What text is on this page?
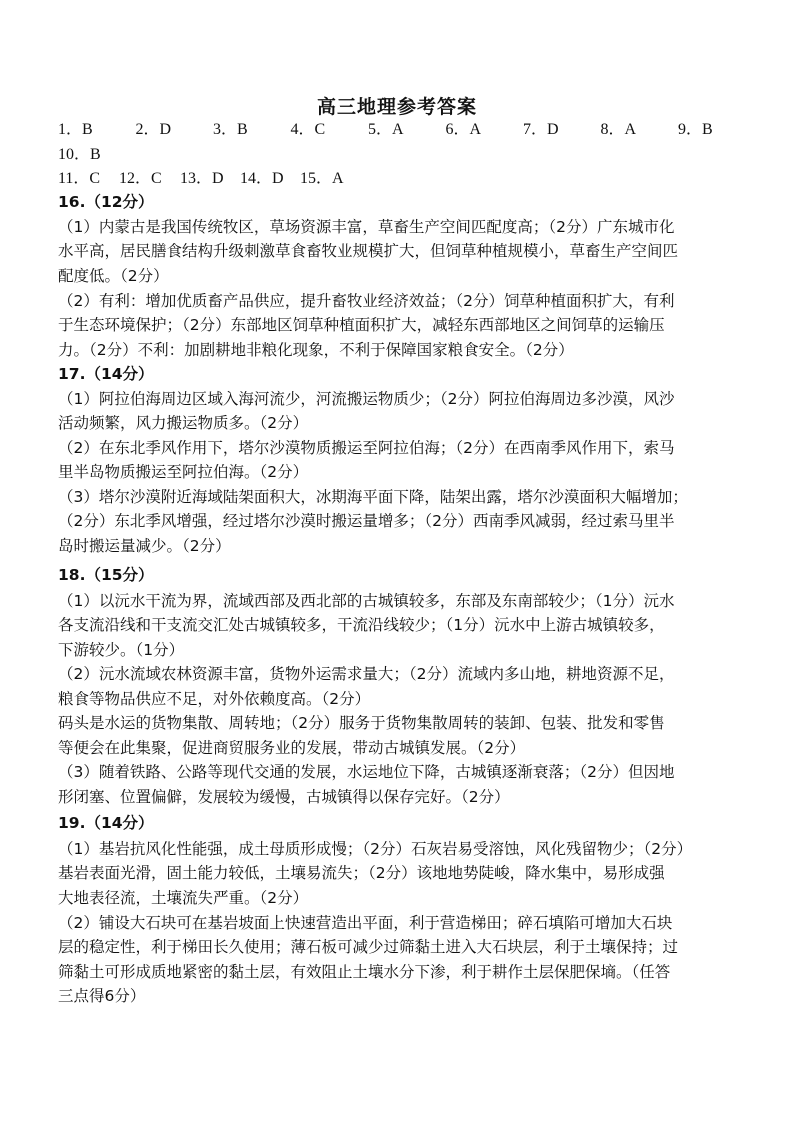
高三地理参考答案
1．B	2．D	3．B	4．C	5．A	6．A	7．D	8．A	9．B
10．B
11．C 12．C 13．D 14．D 15．A
16.（12分）
（1）内蒙古是我国传统牧区，草场资源丰富，草畜生产空间匹配度高；（2分）广东城市化
水平高，居民膳食结构升级刺激草食畜牧业规模扩大，但饲草种植规模小，草畜生产空间匹
配度低。（2分）
（2）有利：增加优质畜产品供应，提升畜牧业经济效益；（2分）饲草种植面积扩大，有利
于生态环境保护；（2分）东部地区饲草种植面积扩大，减轻东西部地区之间饲草的运输压
力。（2分）不利：加剧耕地非粮化现象，不利于保障国家粮食安全。（2分）
17.（14分）
（1）阿拉伯海周边区域入海河流少，河流搬运物质少；（2分）阿拉伯海周边多沙漠，风沙
活动频繁，风力搬运物质多。（2分）
（2）在东北季风作用下，塔尔沙漠物质搬运至阿拉伯海；（2分）在西南季风作用下，索马
里半岛物质搬运至阿拉伯海。（2分）
（3）塔尔沙漠附近海域陆架面积大，冰期海平面下降，陆架出露，塔尔沙漠面积大幅增加；
（2分）东北季风增强，经过塔尔沙漠时搬运量增多；（2分）西南季风减弱，经过索马里半
岛时搬运量减少。（2分）
18.（15分）
（1）以沅水干流为界，流域西部及西北部的古城镇较多，东部及东南部较少；（1分）沅水
各支流沿线和干支流交汇处古城镇较多，干流沿线较少；（1分）沅水中上游古城镇较多，
下游较少。（1分）
（2）沅水流域农林资源丰富，货物外运需求量大；（2分）流域内多山地，耕地资源不足，
粮食等物品供应不足，对外依赖度高。（2分）
码头是水运的货物集散、周转地；（2分）服务于货物集散周转的装卸、包装、批发和零售
等便会在此集聚，促进商贸服务业的发展，带动古城镇发展。（2分）
（3）随着铁路、公路等现代交通的发展，水运地位下降，古城镇逐渐衰落；（2分）但因地
形闭塞、位置偏僻，发展较为缓慢，古城镇得以保存完好。（2分）
19.（14分）
（1）基岩抗风化性能强，成土母质形成慢；（2分）石灰岩易受溶蚀，风化残留物少；（2分）
基岩表面光滑，固土能力较低，土壤易流失；（2分）该地地势陡峻，降水集中，易形成强
大地表径流，土壤流失严重。（2分）
（2）铺设大石块可在基岩坡面上快速营造出平面，利于营造梯田；碎石填陷可增加大石块
层的稳定性，利于梯田长久使用；薄石板可减少过筛黏土进入大石块层，利于土壤保持；过
筛黏土可形成质地紧密的黏土层，有效阻止土壤水分下渗，利于耕作土层保肥保墒。（任答
三点得6分）
